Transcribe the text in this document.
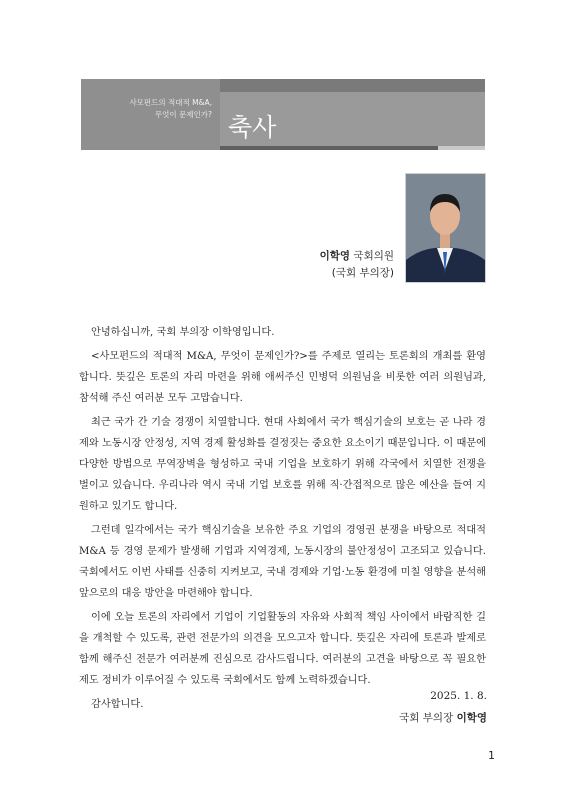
사모펀드의 적대적 M&A,
무엇이 문제인가? 축사
이학영 국회의원
(국회 부의장)

안녕하십니까, 국회 부의장 이학영입니다.

<사모펀드의 적대적 M&A, 무엇이 문제인가?>를 주제로 열리는 토론회의 개최를 환영합니다. 뜻깊은 토론의 자리 마련을 위해 애써주신 민병덕 의원님을 비롯한 여러 의원님과, 참석해 주신 여러분 모두 고맙습니다.

최근 국가 간 기술 경쟁이 치열합니다. 현대 사회에서 국가 핵심기술의 보호는 곧 나라 경제와 노동시장 안정성, 지역 경제 활성화를 결정짓는 중요한 요소이기 때문입니다. 이 때문에 다양한 방법으로 무역장벽을 형성하고 국내 기업을 보호하기 위해 각국에서 치열한 전쟁을 벌이고 있습니다. 우리나라 역시 국내 기업 보호를 위해 직·간접적으로 많은 예산을 들여 지원하고 있기도 합니다.

그런데 일각에서는 국가 핵심기술을 보유한 주요 기업의 경영권 분쟁을 바탕으로 적대적 M&A 등 경영 문제가 발생해 기업과 지역경제, 노동시장의 불안정성이 고조되고 있습니다. 국회에서도 이번 사태를 신중히 지켜보고, 국내 경제와 기업·노동 환경에 미칠 영향을 분석해 앞으로의 대응 방안을 마련해야 합니다.

이에 오늘 토론의 자리에서 기업이 기업활동의 자유와 사회적 책임 사이에서 바람직한 길을 개척할 수 있도록, 관련 전문가의 의견을 모으고자 합니다. 뜻깊은 자리에 토론과 발제로 함께 해주신 전문가 여러분께 진심으로 감사드립니다. 여러분의 고견을 바탕으로 꼭 필요한 제도 정비가 이루어질 수 있도록 국회에서도 함께 노력하겠습니다.

감사합니다.

2025. 1. 8.
국회 부의장 이학영
1
